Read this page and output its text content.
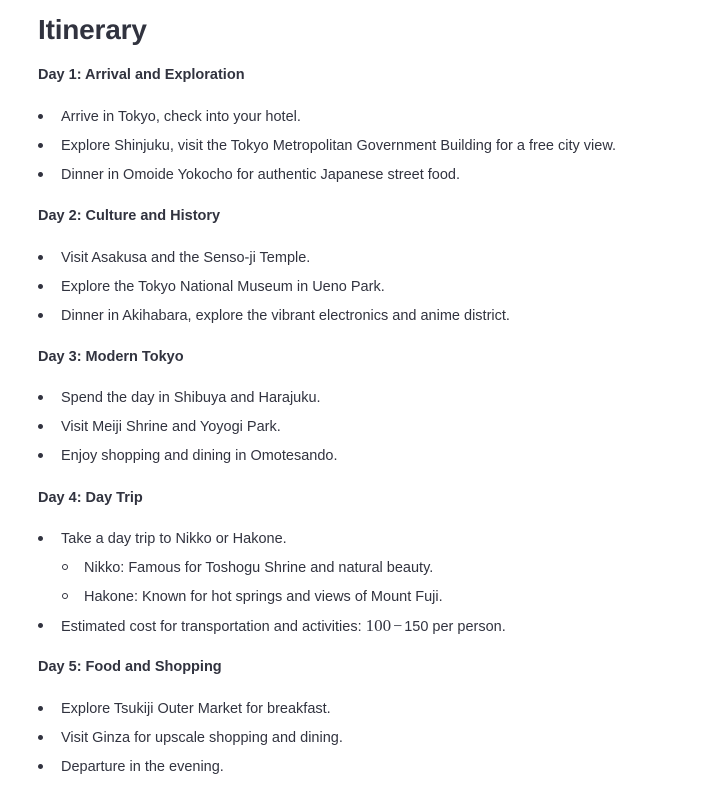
Itinerary
Day 1: Arrival and Exploration
Arrive in Tokyo, check into your hotel.
Explore Shinjuku, visit the Tokyo Metropolitan Government Building for a free city view.
Dinner in Omoide Yokocho for authentic Japanese street food.
Day 2: Culture and History
Visit Asakusa and the Senso-ji Temple.
Explore the Tokyo National Museum in Ueno Park.
Dinner in Akihabara, explore the vibrant electronics and anime district.
Day 3: Modern Tokyo
Spend the day in Shibuya and Harajuku.
Visit Meiji Shrine and Yoyogi Park.
Enjoy shopping and dining in Omotesando.
Day 4: Day Trip
Take a day trip to Nikko or Hakone.
Nikko: Famous for Toshogu Shrine and natural beauty.
Hakone: Known for hot springs and views of Mount Fuji.
Estimated cost for transportation and activities: 100 − 150 per person.
Day 5: Food and Shopping
Explore Tsukiji Outer Market for breakfast.
Visit Ginza for upscale shopping and dining.
Departure in the evening.
